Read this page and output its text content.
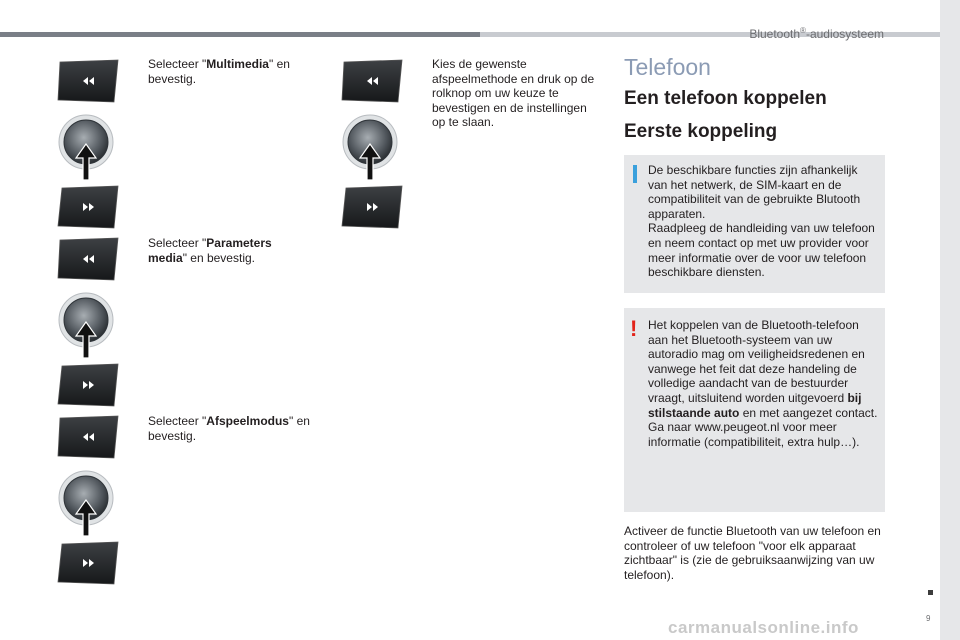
Bluetooth®-audiosysteem
Selecteer "Multimedia" en bevestig.
Selecteer "Parameters media" en bevestig.
Selecteer "Afspeelmodus" en bevestig.
Kies de gewenste afspeelmethode en druk op de rolknop om uw keuze te bevestigen en de instellingen op te slaan.
Telefoon
Een telefoon koppelen
Eerste koppeling
De beschikbare functies zijn afhankelijk van het netwerk, de SIM-kaart en de compatibiliteit van de gebruikte Blutooth apparaten.
Raadpleeg de handleiding van uw telefoon en neem contact op met uw provider voor meer informatie over de voor uw telefoon beschikbare diensten.
! Het koppelen van de Bluetooth-telefoon aan het Bluetooth-systeem van uw autoradio mag om veiligheidsredenen en vanwege het feit dat deze handeling de volledige aandacht van de bestuurder vraagt, uitsluitend worden uitgevoerd bij stilstaande auto en met aangezet contact.
Ga naar www.peugeot.nl voor meer informatie (compatibiliteit, extra hulp…).
Activeer de functie Bluetooth van uw telefoon en controleer of uw telefoon "voor elk apparaat zichtbaar" is (zie de gebruiksaanwijzing van uw telefoon).
9
carmanualsonline.info
